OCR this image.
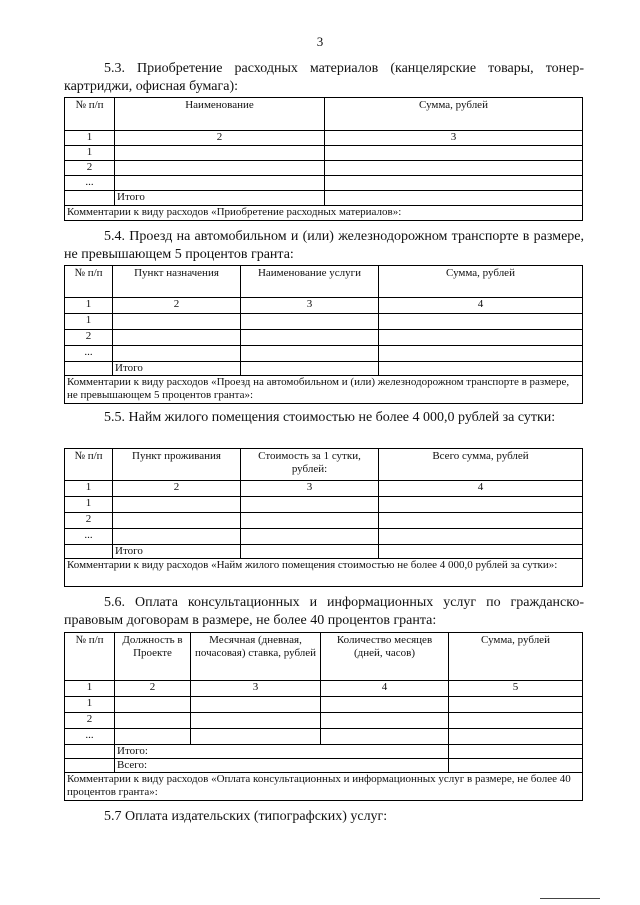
3
5.3. Приобретение расходных материалов (канцелярские товары, тонер-картриджи, офисная бумага):
№ п/п	Наименование	Сумма, рублей
1	2	3
1		
2		
...		
	Итого	
Комментарии к виду расходов «Приобретение расходных материалов»:		
5.4. Проезд на автомобильном и (или) железнодорожном транспорте в размере, не превышающем 5 процентов гранта:
№ п/п	Пункт назначения	Наименование услуги	Сумма, рублей
1	2	3	4
1			
2			
...			
	Итого		
Комментарии к виду расходов «Проезд на автомобильном и (или) железнодорожном транспорте в размере, не превышающем 5 процентов гранта»:			
5.5. Найм жилого помещения стоимостью не более 4 000,0 рублей за сутки:
№ п/п	Пункт проживания	Стоимость за 1 сутки, рублей:	Всего сумма, рублей
1	2	3	4
1			
2			
...			
	Итого		
Комментарии к виду расходов «Найм жилого помещения стоимостью не более 4 000,0 рублей за сутки»:			
5.6. Оплата консультационных и информационных услуг по гражданско-правовым договорам в размере, не более 40 процентов гранта:
№ п/п	Должность в Проекте	Месячная (дневная, почасовая) ставка, рублей	Количество месяцев (дней, часов)	Сумма, рублей
1	2	3	4	5
1				
2				
...				
	Итого:			
	Всего:			
Комментарии к виду расходов «Оплата консультационных и информационных услуг в размере, не более 40 процентов гранта»:				
5.7 Оплата издательских (типографских) услуг:
